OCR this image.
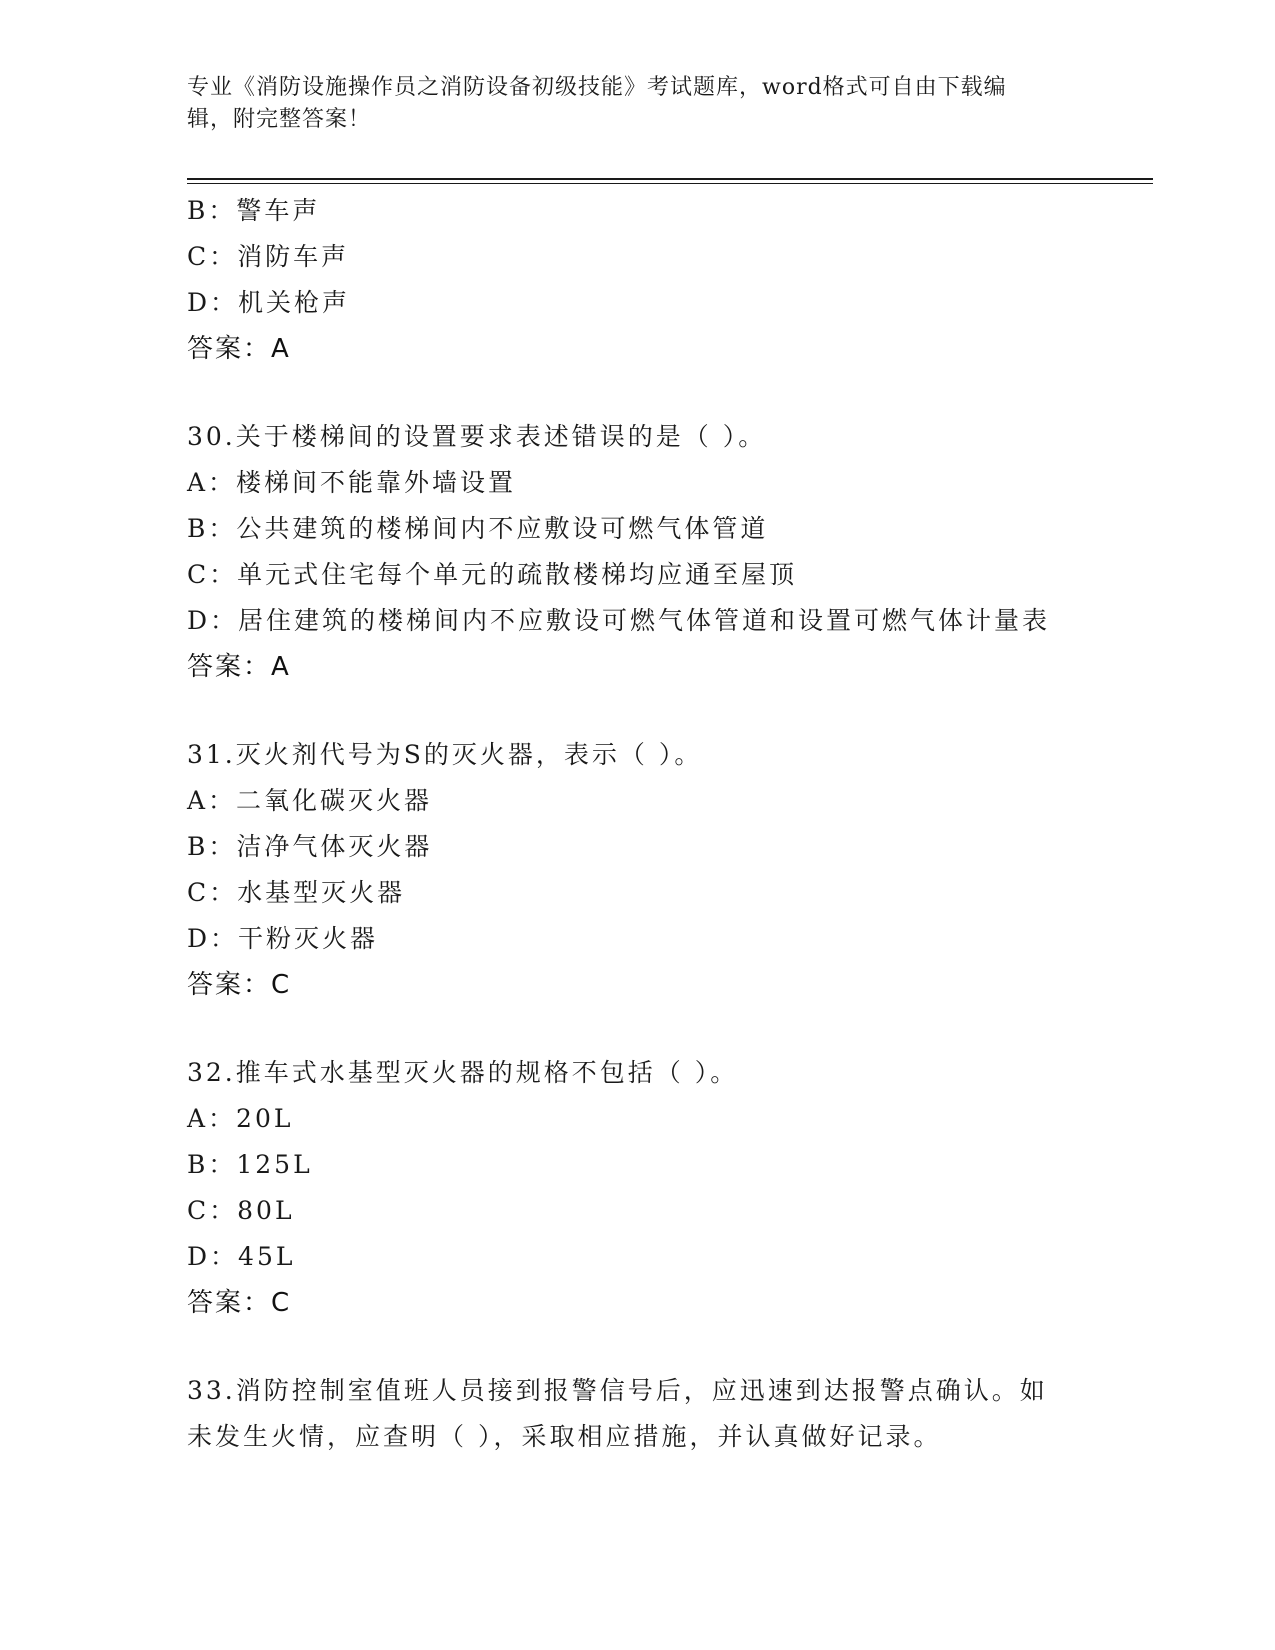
专业《消防设施操作员之消防设备初级技能》考试题库，word格式可自由下载编
辑，附完整答案！
B：警车声
C：消防车声
D：机关枪声
答案：A
30.关于楼梯间的设置要求表述错误的是（ ）。
A：楼梯间不能靠外墙设置
B：公共建筑的楼梯间内不应敷设可燃气体管道
C：单元式住宅每个单元的疏散楼梯均应通至屋顶
D：居住建筑的楼梯间内不应敷设可燃气体管道和设置可燃气体计量表
答案：A
31.灭火剂代号为S的灭火器，表示（ ）。
A：二氧化碳灭火器
B：洁净气体灭火器
C：水基型灭火器
D：干粉灭火器
答案：C
32.推车式水基型灭火器的规格不包括（ ）。
A：20L
B：125L
C：80L
D：45L
答案：C
33.消防控制室值班人员接到报警信号后，应迅速到达报警点确认。如
未发生火情，应查明（ ），采取相应措施，并认真做好记录。
